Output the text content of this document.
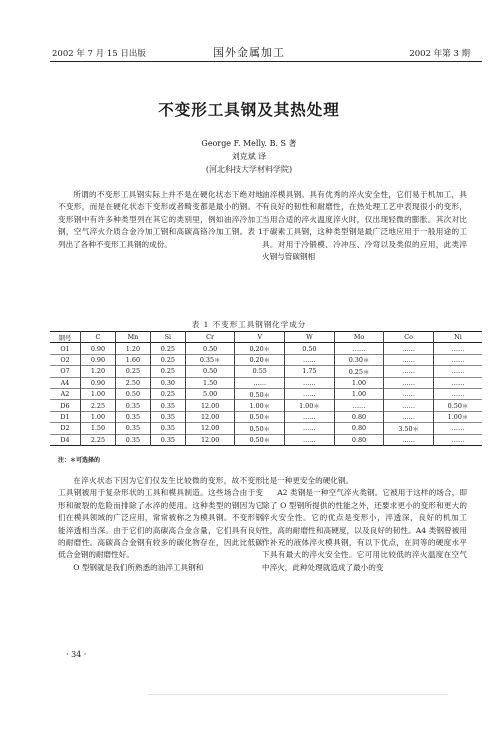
2002 年 7 月 15 日出版	国外金属加工	2002 年第 3 期
不变形工具钢及其热处理
George F. Melly. B. S 著
刘克斌 译
(河北科技大学材料学院)

所谓的不变形工具钢实际上并不是在硬化状态下绝对地不变形，而是在硬化状态下变形或者畸变都是最小的钢。不变形钢中有许多种类型列在其它的类别里，例如油淬冷加工钢，空气淬火介质合金冷加工钢和高碳高铬冷加工钢。表 1 列出了各种不变形工具钢的成份。

油淬模具钢。具有优秀的淬火安全性，它们易于机加工，具有良好的韧性和耐磨性，在热处理工艺中表现很小的变形，当用合适的淬火温度淬火时，仅出现轻微的膨胀。其次对比于碳素工具钢，这种类型钢是最广泛地应用于一般用途的工具。对用于冷锻模、冷冲压、冷弯以及类似的应用，此类淬火钢与管碳钢相

表 1 不变形工具钢钢化学成分
钢号	C	Mn	Si	Cr	V	W	Mo	Co	Ni
O1	0.90	1.20	0.25	0.50	0.20＊	0.50	……	……	……
O2	0.90	1.60	0.25	0.35＊	0.20＊	……	0.30＊	……	……
O7	1.20	0.25	0.25	0.50	0.55	1.75	0.25＊	……	……
A4	0.90	2.50	0.30	1.50	……	……	1.00	……	……
A2	1.00	0.50	0.25	5.00	0.50＊	……	1.00	……	……
D6	2.25	0.35	0.35	12.00	1.00＊	1.00＊	……	……	0.50＊
D1	1.00	0.35	0.35	12.00	0.50＊	……	0.80	……	1.00＊
D2	1.50	0.35	0.35	12.00	0.50＊	……	0.80	3.50＊	……
D4	2.25	0.35	0.35	12.00	0.50＊	……	0.80	……	……
注：＊可选择的

在淬火状态下因为它们仅发生比较微的变形，故不变形工具钢被用于复杂形状的工具和模具制造。这些场合由于变形和破裂的危险而排除了水淬的使用。这种类型的钢因为它们在模具领域的广泛应用，常常被称之为模具钢。不变形钢能淬透相当深。由于它们的高碳高合金含量，它们具有良好的耐磨性。高碳高合金钢有较多的碳化物存在，因此比低碳低合金钢的耐磨性好。

O 型钢就是我们所熟悉的油淬工具钢和

比是一种更安全的硬化钢。

A2 类钢是一种空气淬火类钢。它被用于这样的场合，即除了 O 型钢所提供的性能之外，还要求更小的变形和更大的淬火安全性。它的优点是变形小，淬透深，良好的机加工性，高的耐磨性和高硬度，以及良好的韧性。A4 类钢曾被用作补充的液体淬火模具钢，有以下优点，在同等的硬度水平下具有最大的淬火安全性。它可用比较低的淬火温度在空气中淬火，此种处理就造成了最小的变

· 34 ·
